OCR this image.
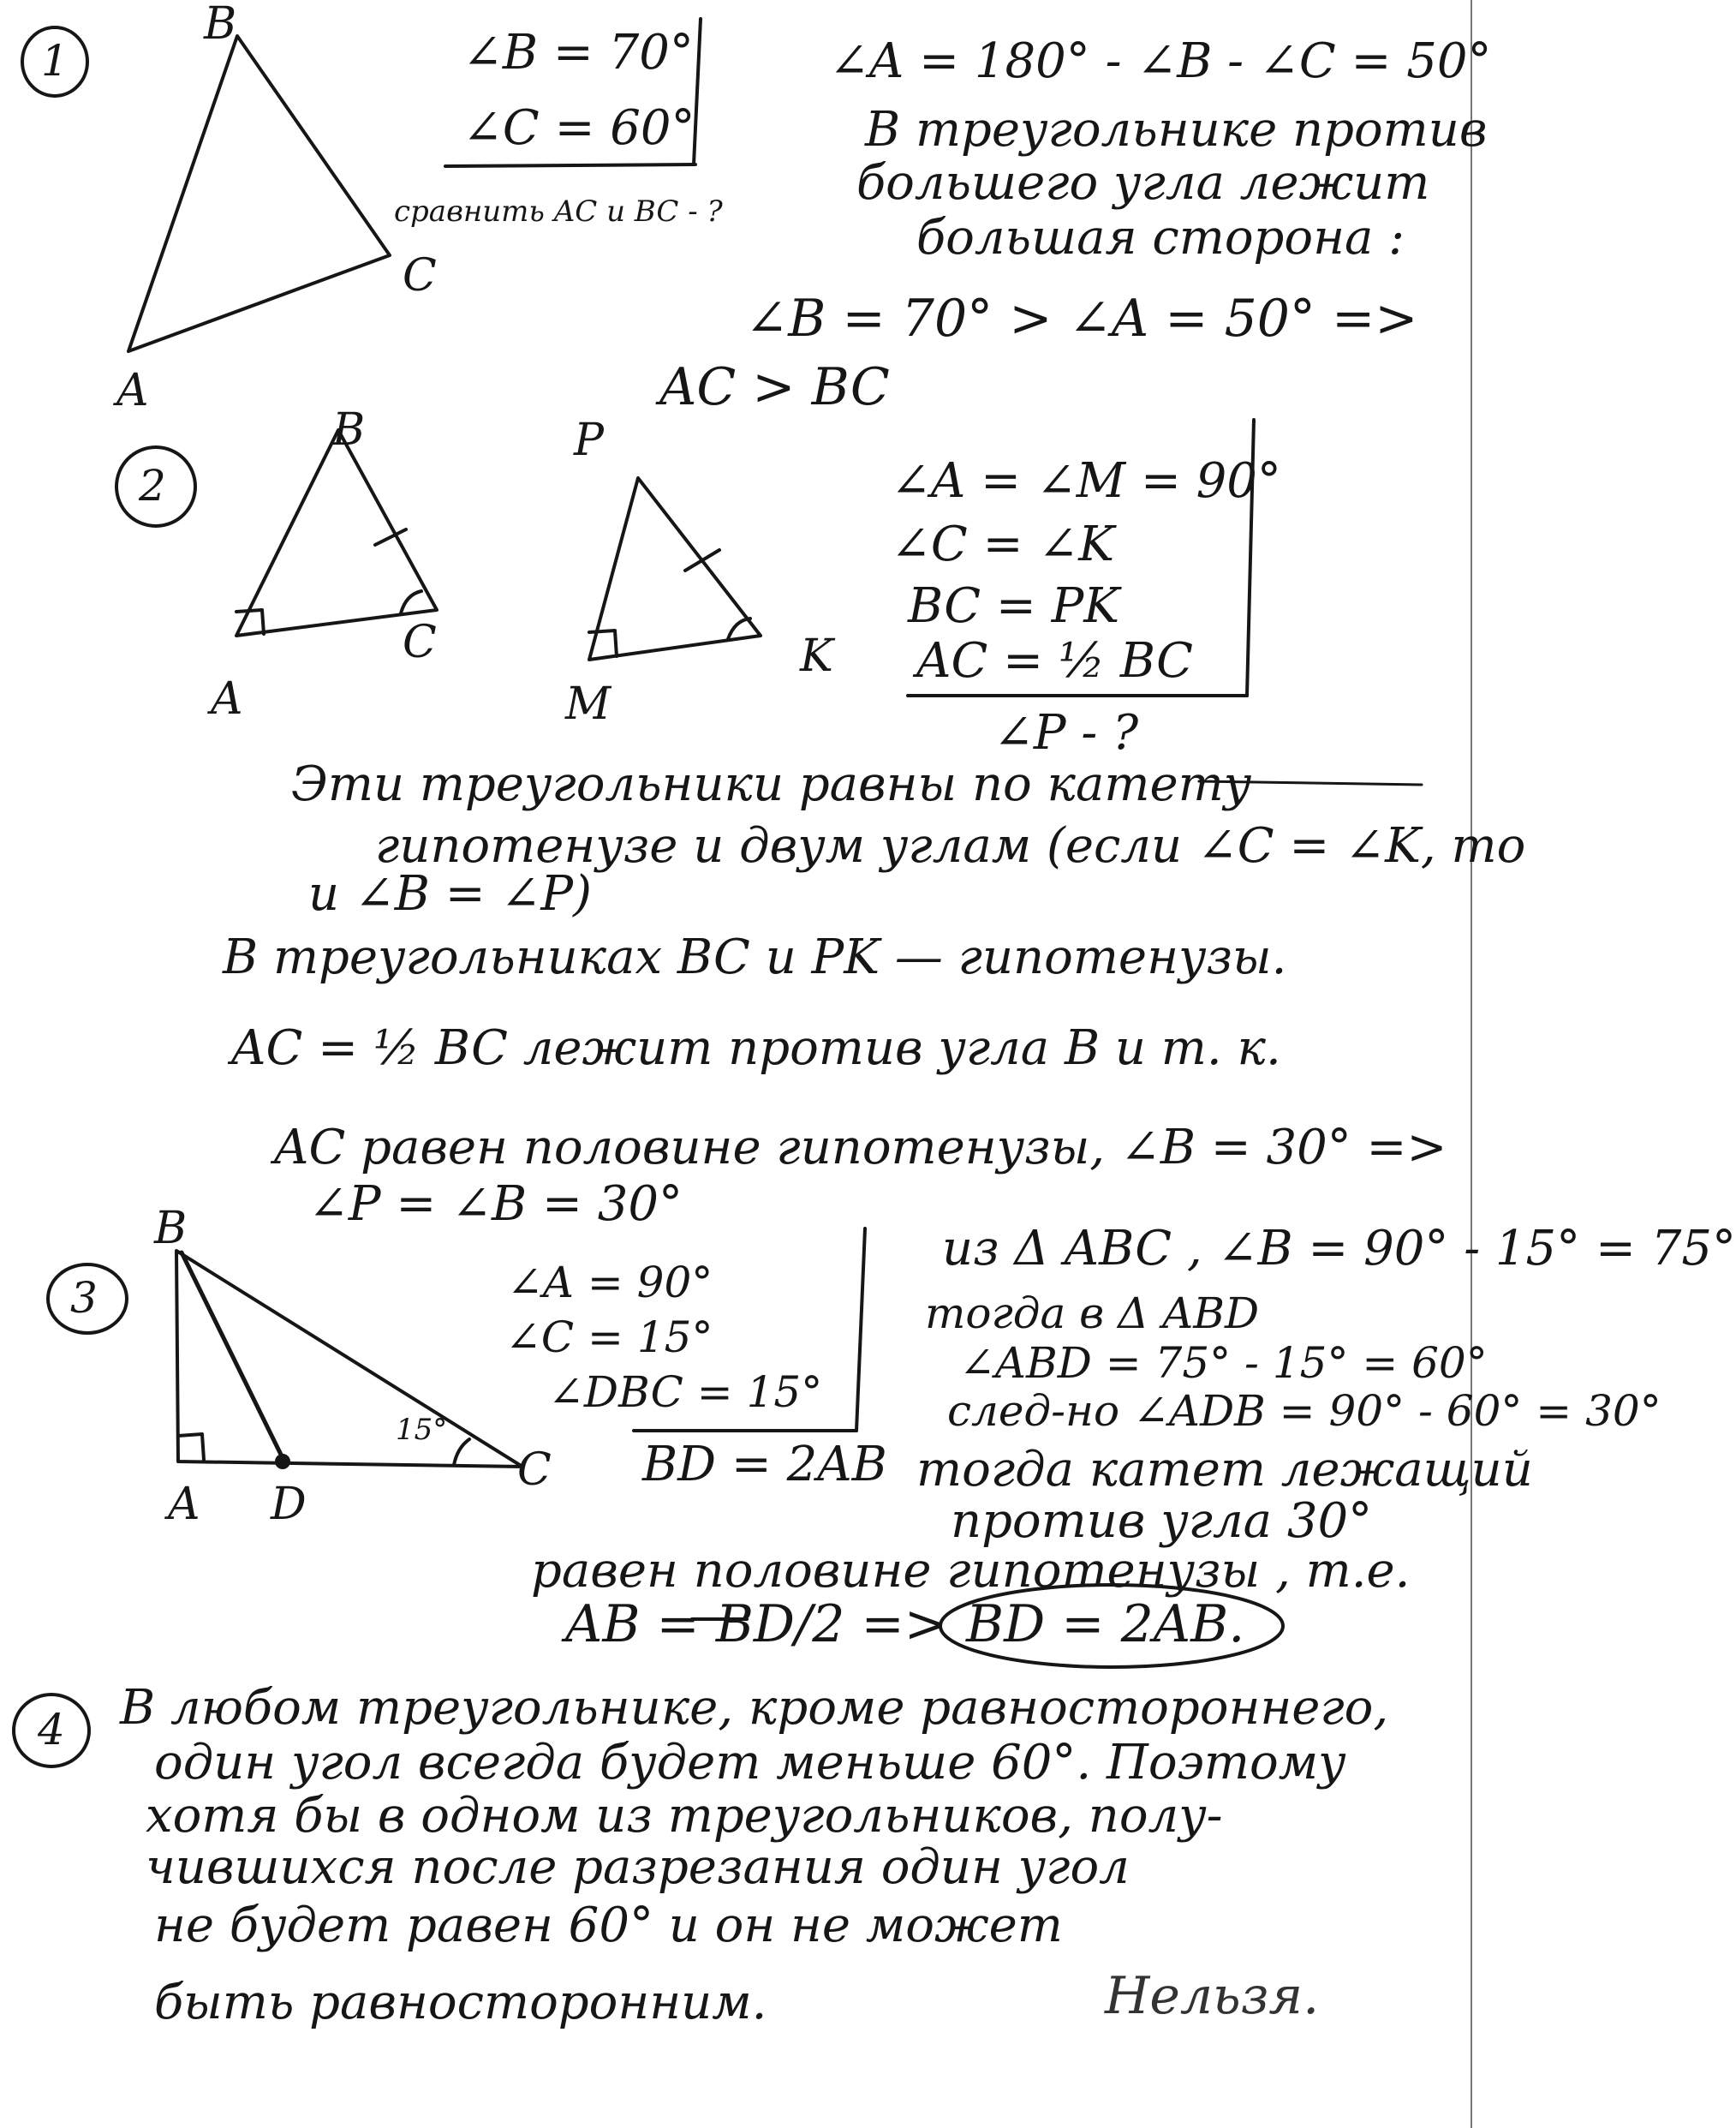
1
B
C
A
∠B = 70°
∠C = 60°
сравнить AC и BC - ?
∠A = 180° - ∠B - ∠C = 50°
В треугольнике против
большего угла лежит
большая сторона :
∠B = 70° > ∠A = 50° =>
AC > BC
2
B
C
A
P
M
K
∠A = ∠M = 90°
∠C = ∠K
BC = PK
AC = ½ BC
∠P - ?
Эти треугольники равны по катету
гипотенузе и двум углам (если ∠C = ∠K, то
и ∠B = ∠P)
В треугольниках BC и PK — гипотенузы.
AC = ½ BC лежит против угла B и т. к.
AC равен половине гипотенузы, ∠B = 30° =>
∠P = ∠B = 30°
3
B
A D
C
15°
∠A = 90°
∠C = 15°
∠DBC = 15°
BD = 2AB
из Δ ABC , ∠B = 90° - 15° = 75°
тогда в Δ ABD
∠ABD = 75° - 15° = 60°
след-но ∠ADB = 90° - 60° = 30°
тогда катет лежащий
против угла 30°
равен половине гипотенузы , т.е.
AB = BD/2 => BD = 2AB.
4 В любом треугольнике, кроме равностороннего,
один угол всегда будет меньше 60°. Поэтому
хотя бы в одном из треугольников, полу-
чившихся после разрезания один угол
не будет равен 60° и он не может
быть равносторонним.	Нельзя.
